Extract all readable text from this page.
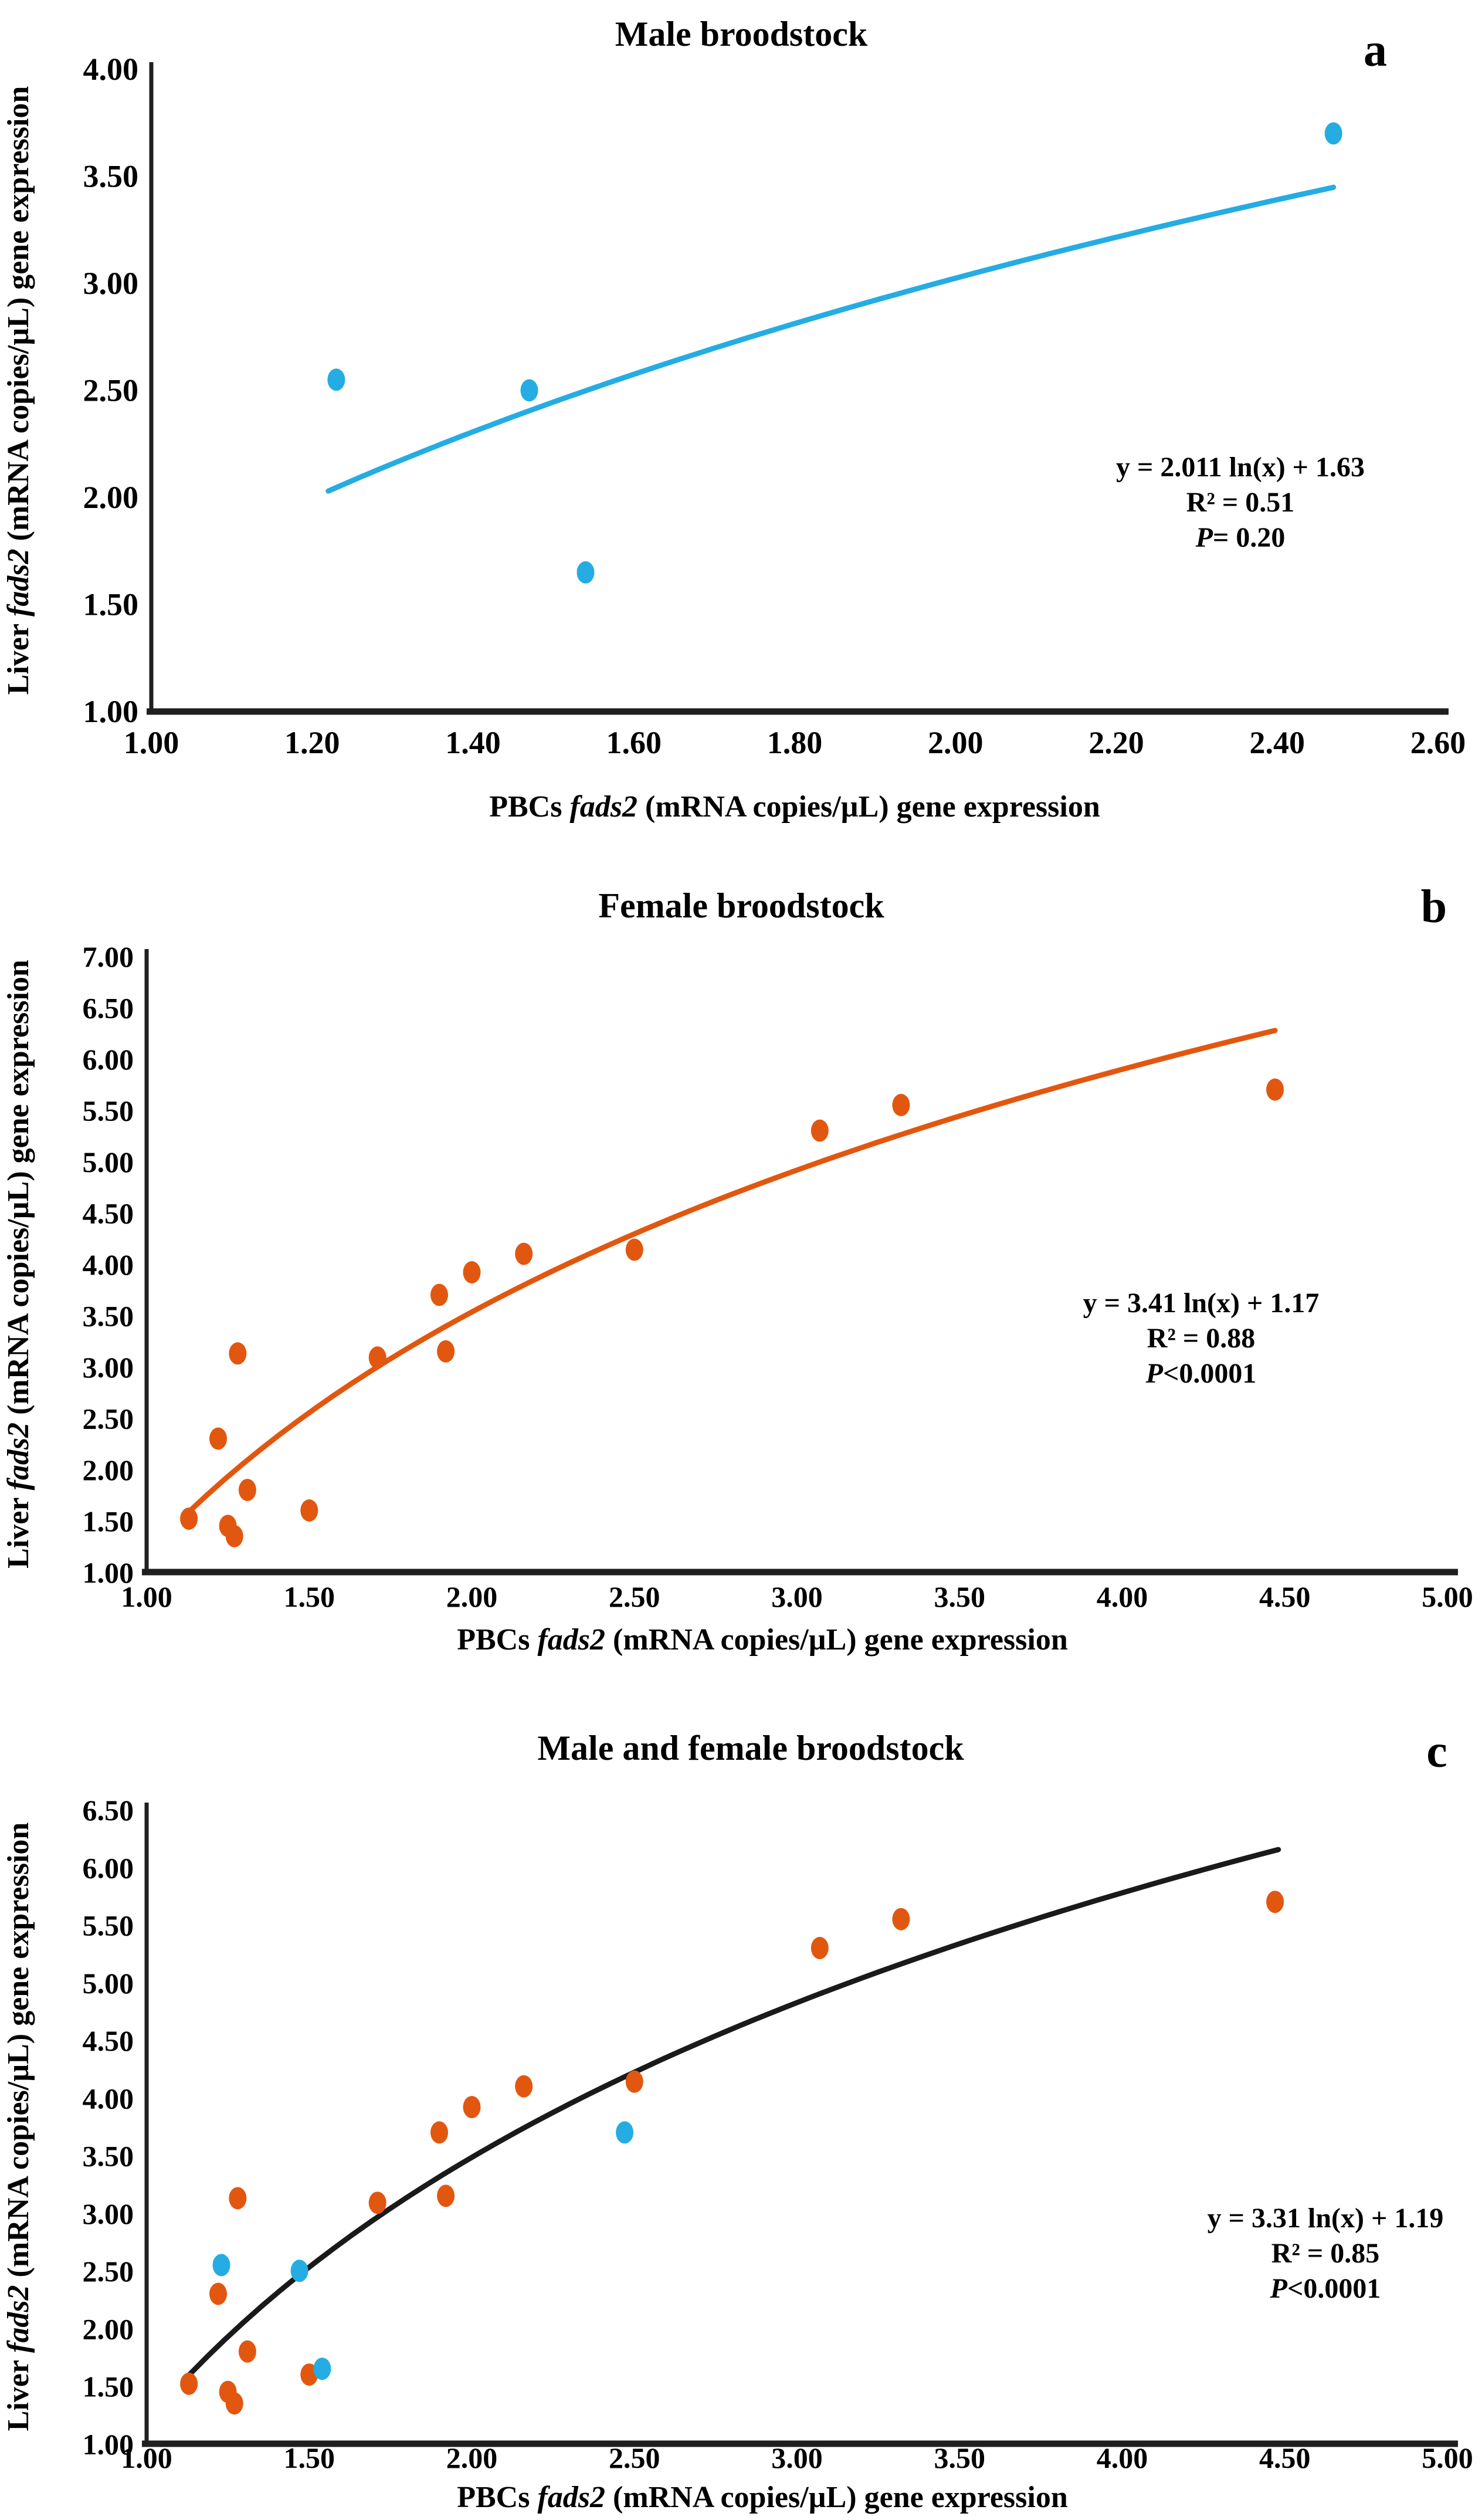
Male broodstock	a
4.00
3.50
3.00
2.50
2.00
1.50
1.00
1.00	1.20	1.40	1.60	1.80	2.00	2.20	2.40	2.60
Liver fads2 (mRNA copies/µL) gene expression
PBCs fads2 (mRNA copies/µL) gene expression
y = 2.011 ln(x) + 1.63
R² = 0.51
P= 0.20
Female broodstock	b
7.00
6.50
6.00
5.50
5.00
4.50
4.00
3.50
3.00
2.50
2.00
1.50
1.00
1.00	1.50	2.00	2.50	3.00	3.50	4.00	4.50	5.00
Liver fads2 (mRNA copies/µL) gene expression
PBCs fads2 (mRNA copies/µL) gene expression
y = 3.41 ln(x) + 1.17
R² = 0.88
P<0.0001
Male and female broodstock	c
6.50
6.00
5.50
5.00
4.50
4.00
3.50
3.00
2.50
2.00
1.50
1.00
1.00	1.50	2.00	2.50	3.00	3.50	4.00	4.50	5.00
Liver fads2 (mRNA copies/µL) gene expression
PBCs fads2 (mRNA copies/µL) gene expression
y = 3.31 ln(x) + 1.19
R² = 0.85
P<0.0001
